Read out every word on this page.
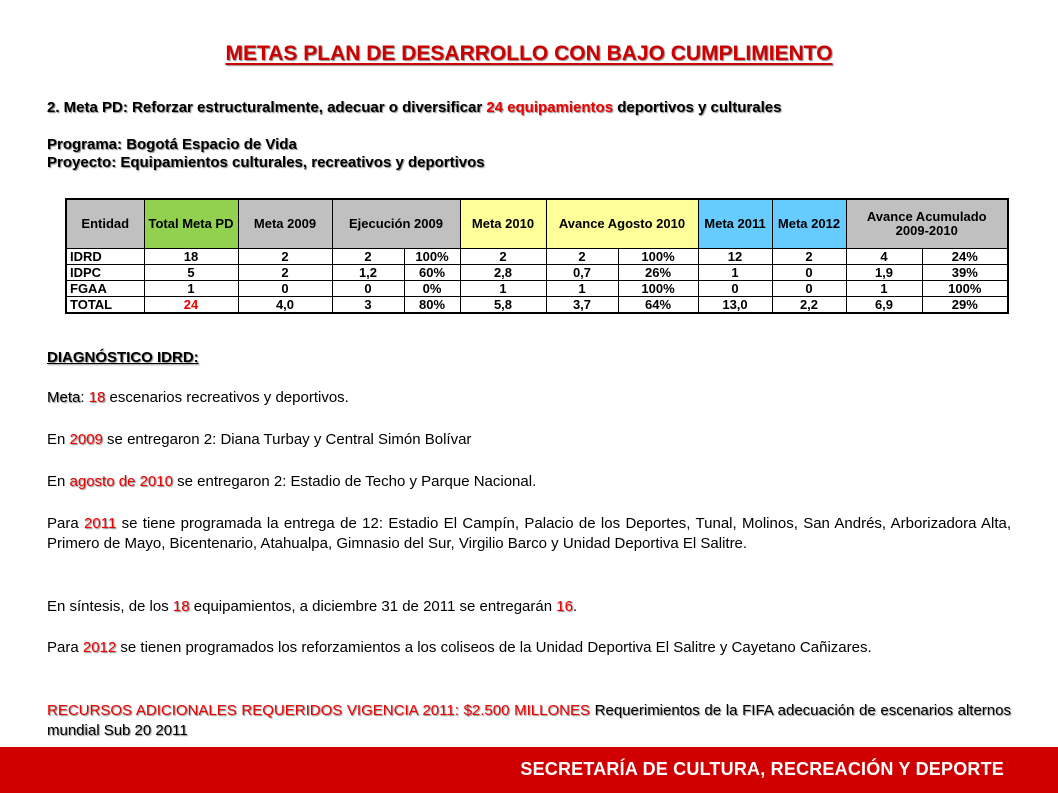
METAS PLAN DE DESARROLLO CON BAJO CUMPLIMIENTO
2. Meta PD: Reforzar estructuralmente, adecuar o diversificar 24 equipamientos deportivos y culturales
Programa: Bogotá Espacio de Vida
Proyecto: Equipamientos culturales, recreativos y deportivos
Entidad	Total Meta PD	Meta 2009	Ejecución 2009		Meta 2010	Avance Agosto 2010		Meta 2011	Meta 2012	Avance Acumulado 2009-2010	
IDRD	18	2	2	100%	2	2	100%	12	2	4	24%
IDPC	5	2	1,2	60%	2,8	0,7	26%	1	0	1,9	39%
FGAA	1	0	0	0%	1	1	100%	0	0	1	100%
TOTAL	24	4,0	3	80%	5,8	3,7	64%	13,0	2,2	6,9	29%
DIAGNÓSTICO IDRD:
Meta: 18 escenarios recreativos y deportivos.
En 2009 se entregaron 2: Diana Turbay y Central Simón Bolívar
En agosto de 2010 se entregaron 2: Estadio de Techo y Parque Nacional.
Para 2011 se tiene programada la entrega de 12: Estadio El Campín, Palacio de los Deportes, Tunal, Molinos, San Andrés, Arborizadora Alta, Primero de Mayo, Bicentenario, Atahualpa, Gimnasio del Sur, Virgilio Barco y Unidad Deportiva El Salitre.
En síntesis, de los 18 equipamientos, a diciembre 31 de 2011 se entregarán 16.
Para 2012 se tienen programados los reforzamientos a los coliseos de la Unidad Deportiva El Salitre y Cayetano Cañizares.
RECURSOS ADICIONALES REQUERIDOS VIGENCIA 2011: $2.500 MILLONES Requerimientos de la FIFA adecuación de escenarios alternos mundial Sub 20 2011
SECRETARÍA DE CULTURA, RECREACIÓN Y DEPORTE
